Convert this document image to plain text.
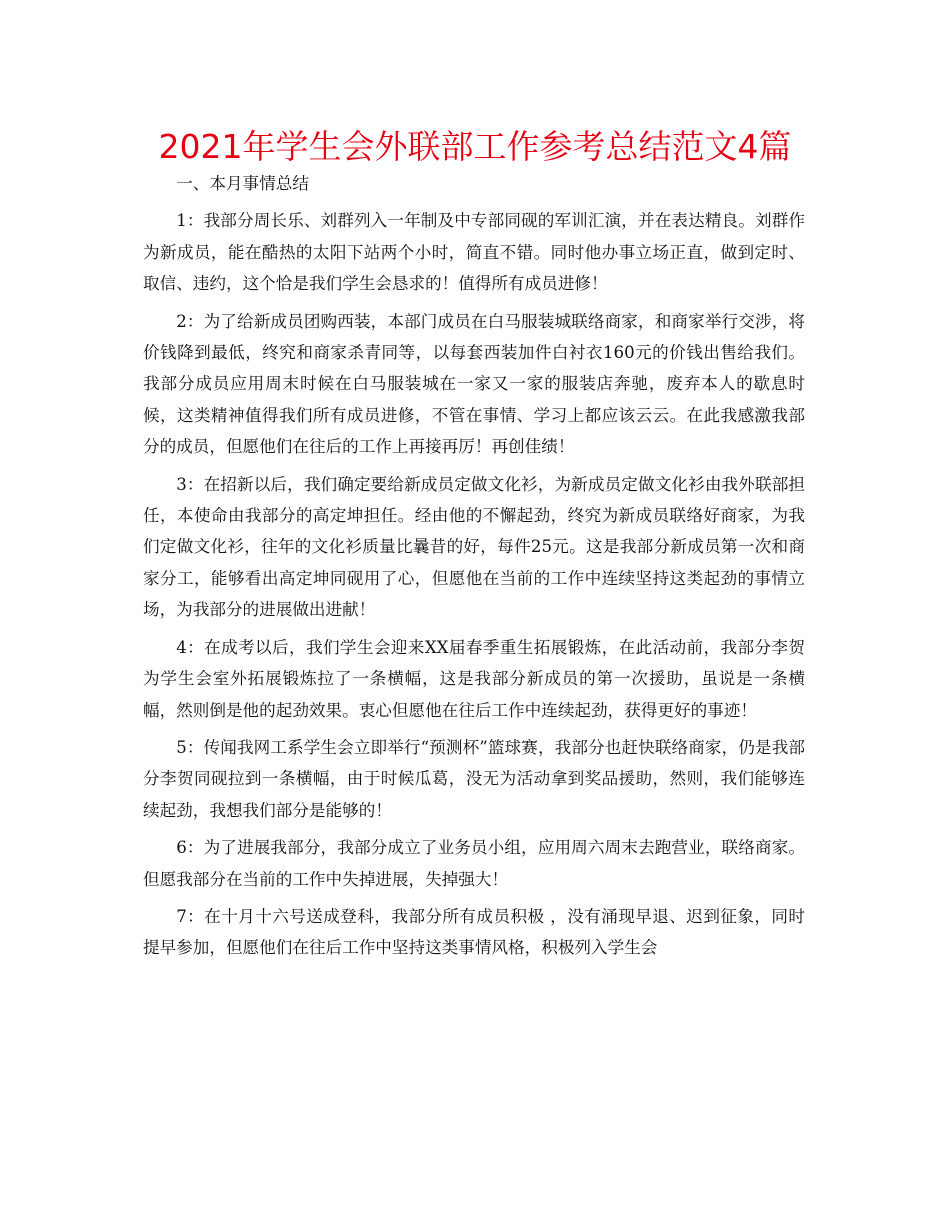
2021年学生会外联部工作参考总结范文4篇

一、本月事情总结

1：我部分周长乐、刘群列入一年制及中专部同砚的军训汇演，并在表达精良。刘群作为新成员，能在酷热的太阳下站两个小时，简直不错。同时他办事立场正直，做到定时、取信、违约，这个恰是我们学生会恳求的！值得所有成员进修！

2：为了给新成员团购西装，本部门成员在白马服装城联络商家，和商家举行交涉，将价钱降到最低，终究和商家杀青同等，以每套西装加件白衬衣160元的价钱出售给我们。我部分成员应用周末时候在白马服装城在一家又一家的服装店奔驰，废弃本人的歇息时候，这类精神值得我们所有成员进修，不管在事情、学习上都应该云云。在此我感激我部分的成员，但愿他们在往后的工作上再接再厉！再创佳绩！

3：在招新以后，我们确定要给新成员定做文化衫，为新成员定做文化衫由我外联部担任，本使命由我部分的高定坤担任。经由他的不懈起劲，终究为新成员联络好商家，为我们定做文化衫，往年的文化衫质量比曩昔的好，每件25元。这是我部分新成员第一次和商家分工，能够看出高定坤同砚用了心，但愿他在当前的工作中连续坚持这类起劲的事情立场，为我部分的进展做出进献！

4：在成考以后，我们学生会迎来XX届春季重生拓展锻炼，在此活动前，我部分李贺为学生会室外拓展锻炼拉了一条横幅，这是我部分新成员的第一次援助，虽说是一条横幅，然则倒是他的起劲效果。衷心但愿他在往后工作中连续起劲，获得更好的事迹！

5：传闻我网工系学生会立即举行“预测杯”篮球赛，我部分也赶快联络商家，仍是我部分李贺同砚拉到一条横幅，由于时候瓜葛，没无为活动拿到奖品援助，然则，我们能够连续起劲，我想我们部分是能够的！

6：为了进展我部分，我部分成立了业务员小组，应用周六周末去跑营业，联络商家。但愿我部分在当前的工作中失掉进展，失掉强大！

7：在十月十六号送成登科，我部分所有成员积极 ，没有涌现早退、迟到征象，同时提早参加，但愿他们在往后工作中坚持这类事情风格，积极列入学生会
